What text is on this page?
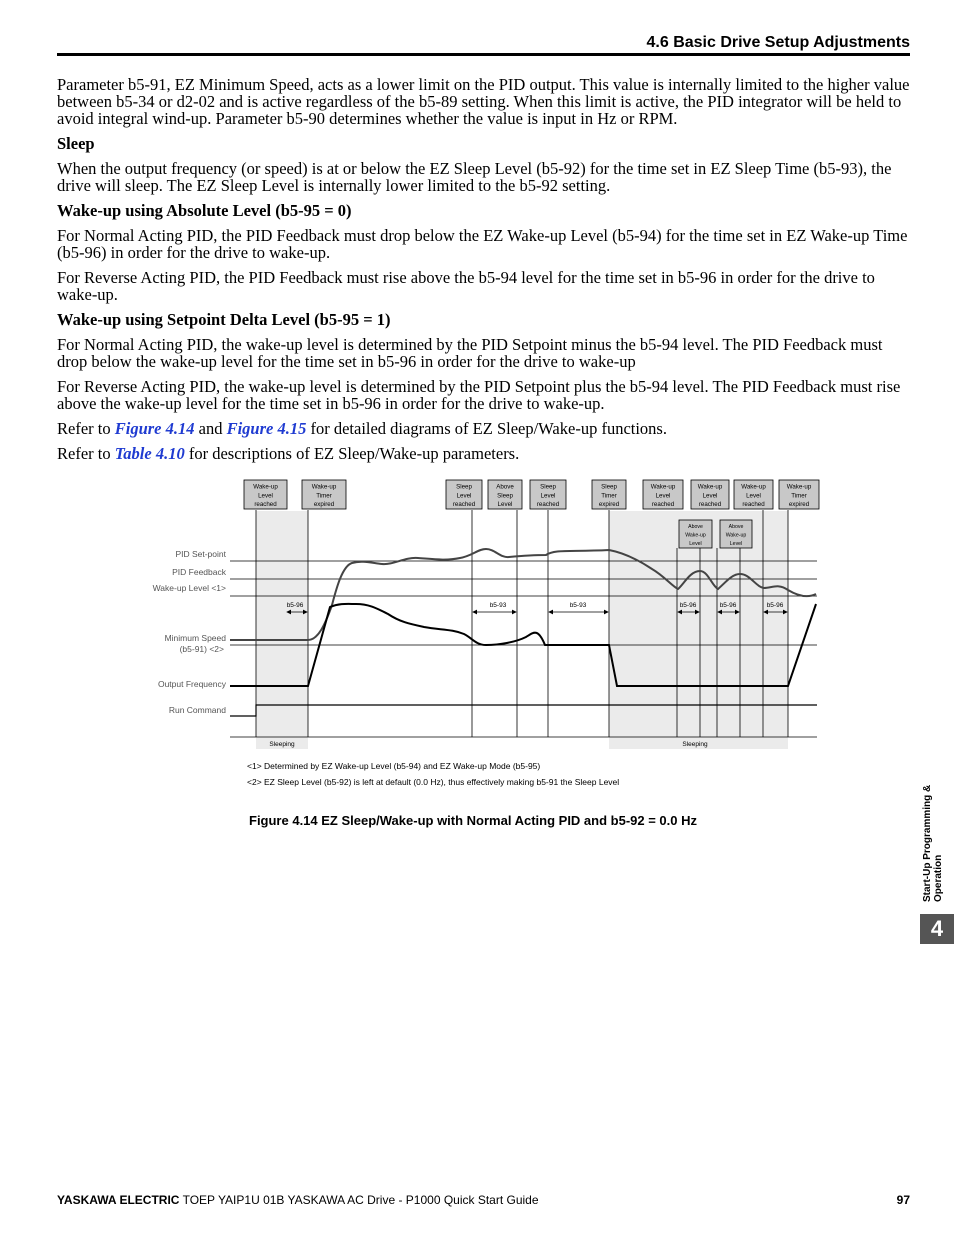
4.6 Basic Drive Setup Adjustments

Parameter b5-91, EZ Minimum Speed, acts as a lower limit on the PID output. This value is internally limited to the higher value between b5-34 or d2-02 and is active regardless of the b5-89 setting. When this limit is active, the PID integrator will be held to avoid integral wind-up. Parameter b5-90 determines whether the value is input in Hz or RPM.

Sleep

When the output frequency (or speed) is at or below the EZ Sleep Level (b5-92) for the time set in EZ Sleep Time (b5-93), the drive will sleep. The EZ Sleep Level is internally lower limited to the b5-92 setting.

Wake-up using Absolute Level (b5-95 = 0)

For Normal Acting PID, the PID Feedback must drop below the EZ Wake-up Level (b5-94) for the time set in EZ Wake-up Time (b5-96) in order for the drive to wake-up.

For Reverse Acting PID, the PID Feedback must rise above the b5-94 level for the time set in b5-96 in order for the drive to wake-up.

Wake-up using Setpoint Delta Level (b5-95 = 1)

For Normal Acting PID, the wake-up level is determined by the PID Setpoint minus the b5-94 level. The PID Feedback must drop below the wake-up level for the time set in b5-96 in order for the drive to wake-up

For Reverse Acting PID, the wake-up level is determined by the PID Setpoint plus the b5-94 level. The PID Feedback must rise above the wake-up level for the time set in b5-96 in order for the drive to wake-up.

Refer to Figure 4.14 and Figure 4.15 for detailed diagrams of EZ Sleep/Wake-up functions.

Refer to Table 4.10 for descriptions of EZ Sleep/Wake-up parameters.

Wake-up
Level
reached
Wake-up
Timer
expired
Sleep
Level
reached
Above
Sleep
Level
Sleep
Level
reached
Sleep
Timer
expired
Wake-up
Level
reached
Wake-up
Level
reached
Wake-up
Level
reached
Wake-up
Timer
expired
Above
Wake-up
Level
Above
Wake-up
Level
PID Set-point
PID Feedback
Wake-up Level <1>
Minimum Speed
(b5-91) <2>
Output Frequency
Run Command
b5-96	b5-93	b5-93	b5-96	b5-96	b5-96
Sleeping	Sleeping
<1> Determined by EZ Wake-up Level (b5-94) and EZ Wake-up Mode (b5-95)
<2> EZ Sleep Level (b5-92) is left at default (0.0 Hz), thus effectively making b5-91 the Sleep Level
Figure 4.14 EZ Sleep/Wake-up with Normal Acting PID and b5-92 = 0.0 Hz	Start-Up Programming & Operation
4
YASKAWA ELECTRIC TOEP YAIP1U 01B YASKAWA AC Drive - P1000 Quick Start Guide	97
